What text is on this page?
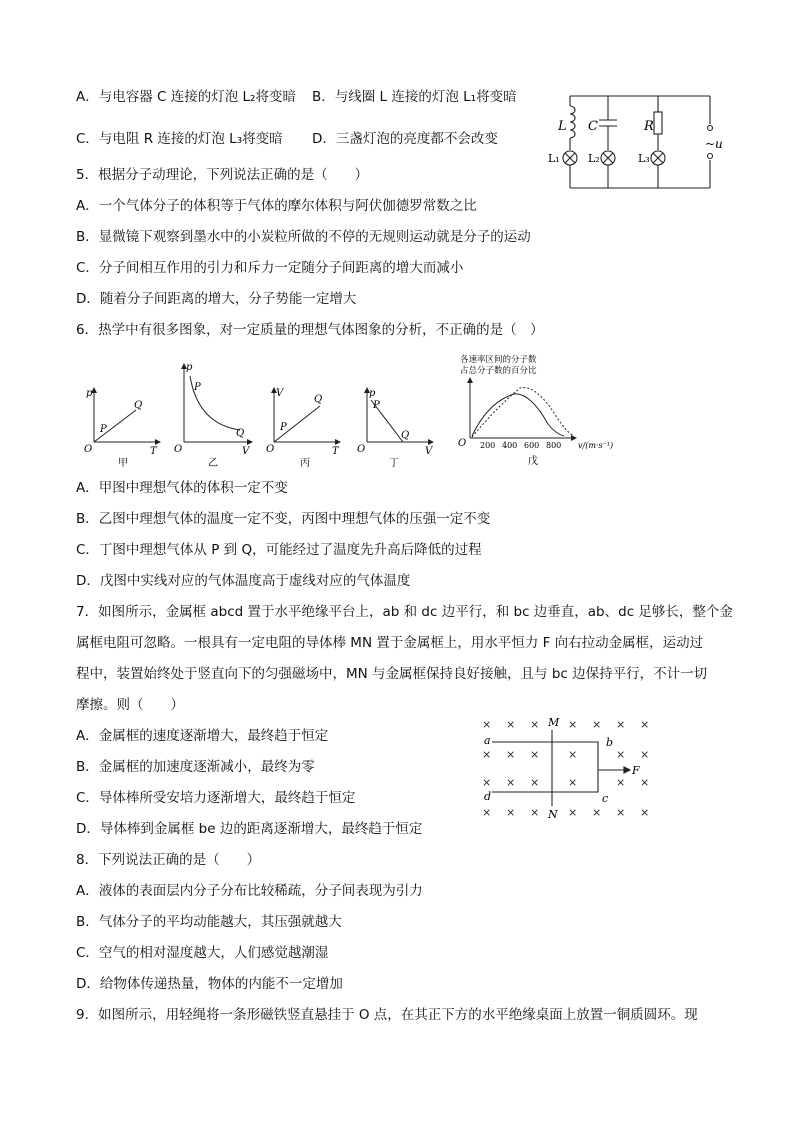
A．与电容器 C 连接的灯泡 L₂将变暗 B．与线圈 L 连接的灯泡 L₁将变暗
C．与电阻 R 连接的灯泡 L₃将变暗 D．三盏灯泡的亮度都不会改变
L C	R
L₁	L₂	L₃
~u
5．根据分子动理论，下列说法正确的是（　　）
A．一个气体分子的体积等于气体的摩尔体积与阿伏伽德罗常数之比
B．显微镜下观察到墨水中的小炭粒所做的不停的无规则运动就是分子的运动
C．分子间相互作用的引力和斥力一定随分子间距离的增大而减小
D．随着分子间距离的增大，分子势能一定增大
6．热学中有很多图象，对一定质量的理想气体图象的分析，不正确的是（　）
p
T
O
P
Q
甲
p
V
O
P
Q
乙
V
T
O
P
Q
丙
p
V
O
P
Q
丁
各速率区间的分子数
占总分子数的百分比
O 200 400 600 800 v/(m·s⁻¹)
戊
A．甲图中理想气体的体积一定不变
B．乙图中理想气体的温度一定不变，丙图中理想气体的压强一定不变
C．丁图中理想气体从 P 到 Q，可能经过了温度先升高后降低的过程
D．戊图中实线对应的气体温度高于虚线对应的气体温度
7．如图所示，金属框 abcd 置于水平绝缘平台上，ab 和 dc 边平行，和 bc 边垂直，ab、dc 足够长，整个金
属框电阻可忽略。一根具有一定电阻的导体棒 MN 置于金属框上，用水平恒力 F 向右拉动金属框，运动过
程中，装置始终处于竖直向下的匀强磁场中，MN 与金属框保持良好接触，且与 bc 边保持平行，不计一切
摩擦。则（　　）
A．金属框的速度逐渐增大，最终趋于恒定
B．金属框的加速度逐渐减小，最终为零
C．导体棒所受安培力逐渐增大，最终趋于恒定
D．导体棒到金属框 be 边的距离逐渐增大，最终趋于恒定
× × ×	× × × ×
× × ×	×	× ×
× × ×	×	× ×
× × ×	× × × ×
M
N
a	b
c
d
F
8．下列说法正确的是（　　）
A．液体的表面层内分子分布比较稀疏，分子间表现为引力
B．气体分子的平均动能越大，其压强就越大
C．空气的相对湿度越大，人们感觉越潮湿
D．给物体传递热量，物体的内能不一定增加
9．如图所示，用轻绳将一条形磁铁竖直悬挂于 O 点，在其正下方的水平绝缘桌面上放置一铜质圆环。现
